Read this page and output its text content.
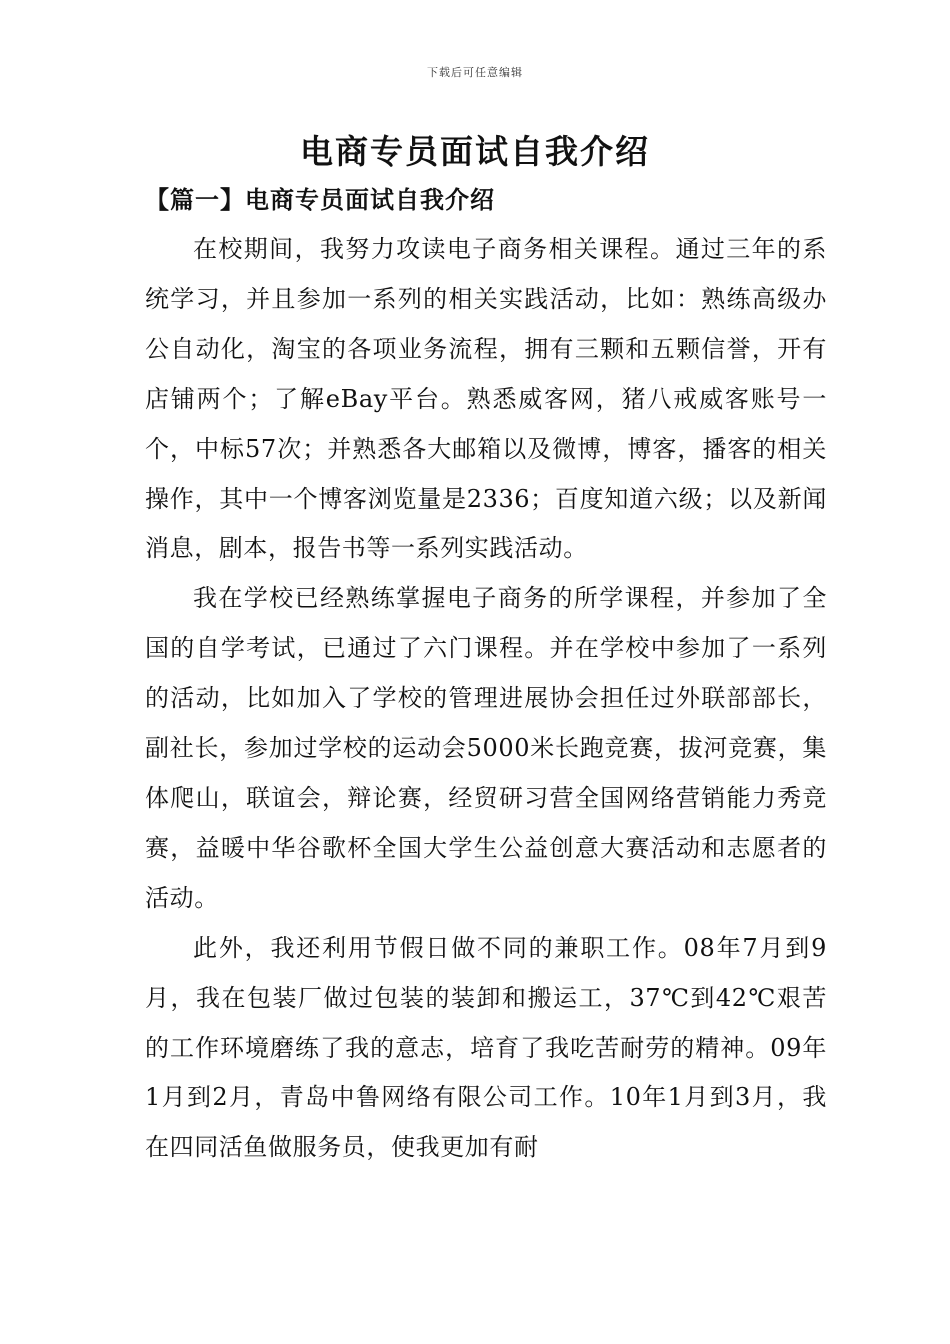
下载后可任意编辑
电商专员面试自我介绍
【篇一】电商专员面试自我介绍

在校期间，我努力攻读电子商务相关课程。通过三年的系统学习，并且参加一系列的相关实践活动，比如：熟练高级办公自动化，淘宝的各项业务流程，拥有三颗和五颗信誉，开有店铺两个；了解eBay平台。熟悉威客网，猪八戒威客账号一个，中标57次；并熟悉各大邮箱以及微博，博客，播客的相关操作，其中一个博客浏览量是2336；百度知道六级；以及新闻消息，剧本，报告书等一系列实践活动。

我在学校已经熟练掌握电子商务的所学课程，并参加了全国的自学考试，已通过了六门课程。并在学校中参加了一系列的活动，比如加入了学校的管理进展协会担任过外联部部长，副社长，参加过学校的运动会5000米长跑竞赛，拔河竞赛，集体爬山，联谊会，辩论赛，经贸研习营全国网络营销能力秀竞赛，益暖中华谷歌杯全国大学生公益创意大赛活动和志愿者的活动。

此外，我还利用节假日做不同的兼职工作。08年7月到9月，我在包装厂做过包装的装卸和搬运工，37℃到42℃艰苦的工作环境磨练了我的意志，培育了我吃苦耐劳的精神。09年1月到2月，青岛中鲁网络有限公司工作。10年1月到3月，我在四同活鱼做服务员，使我更加有耐
